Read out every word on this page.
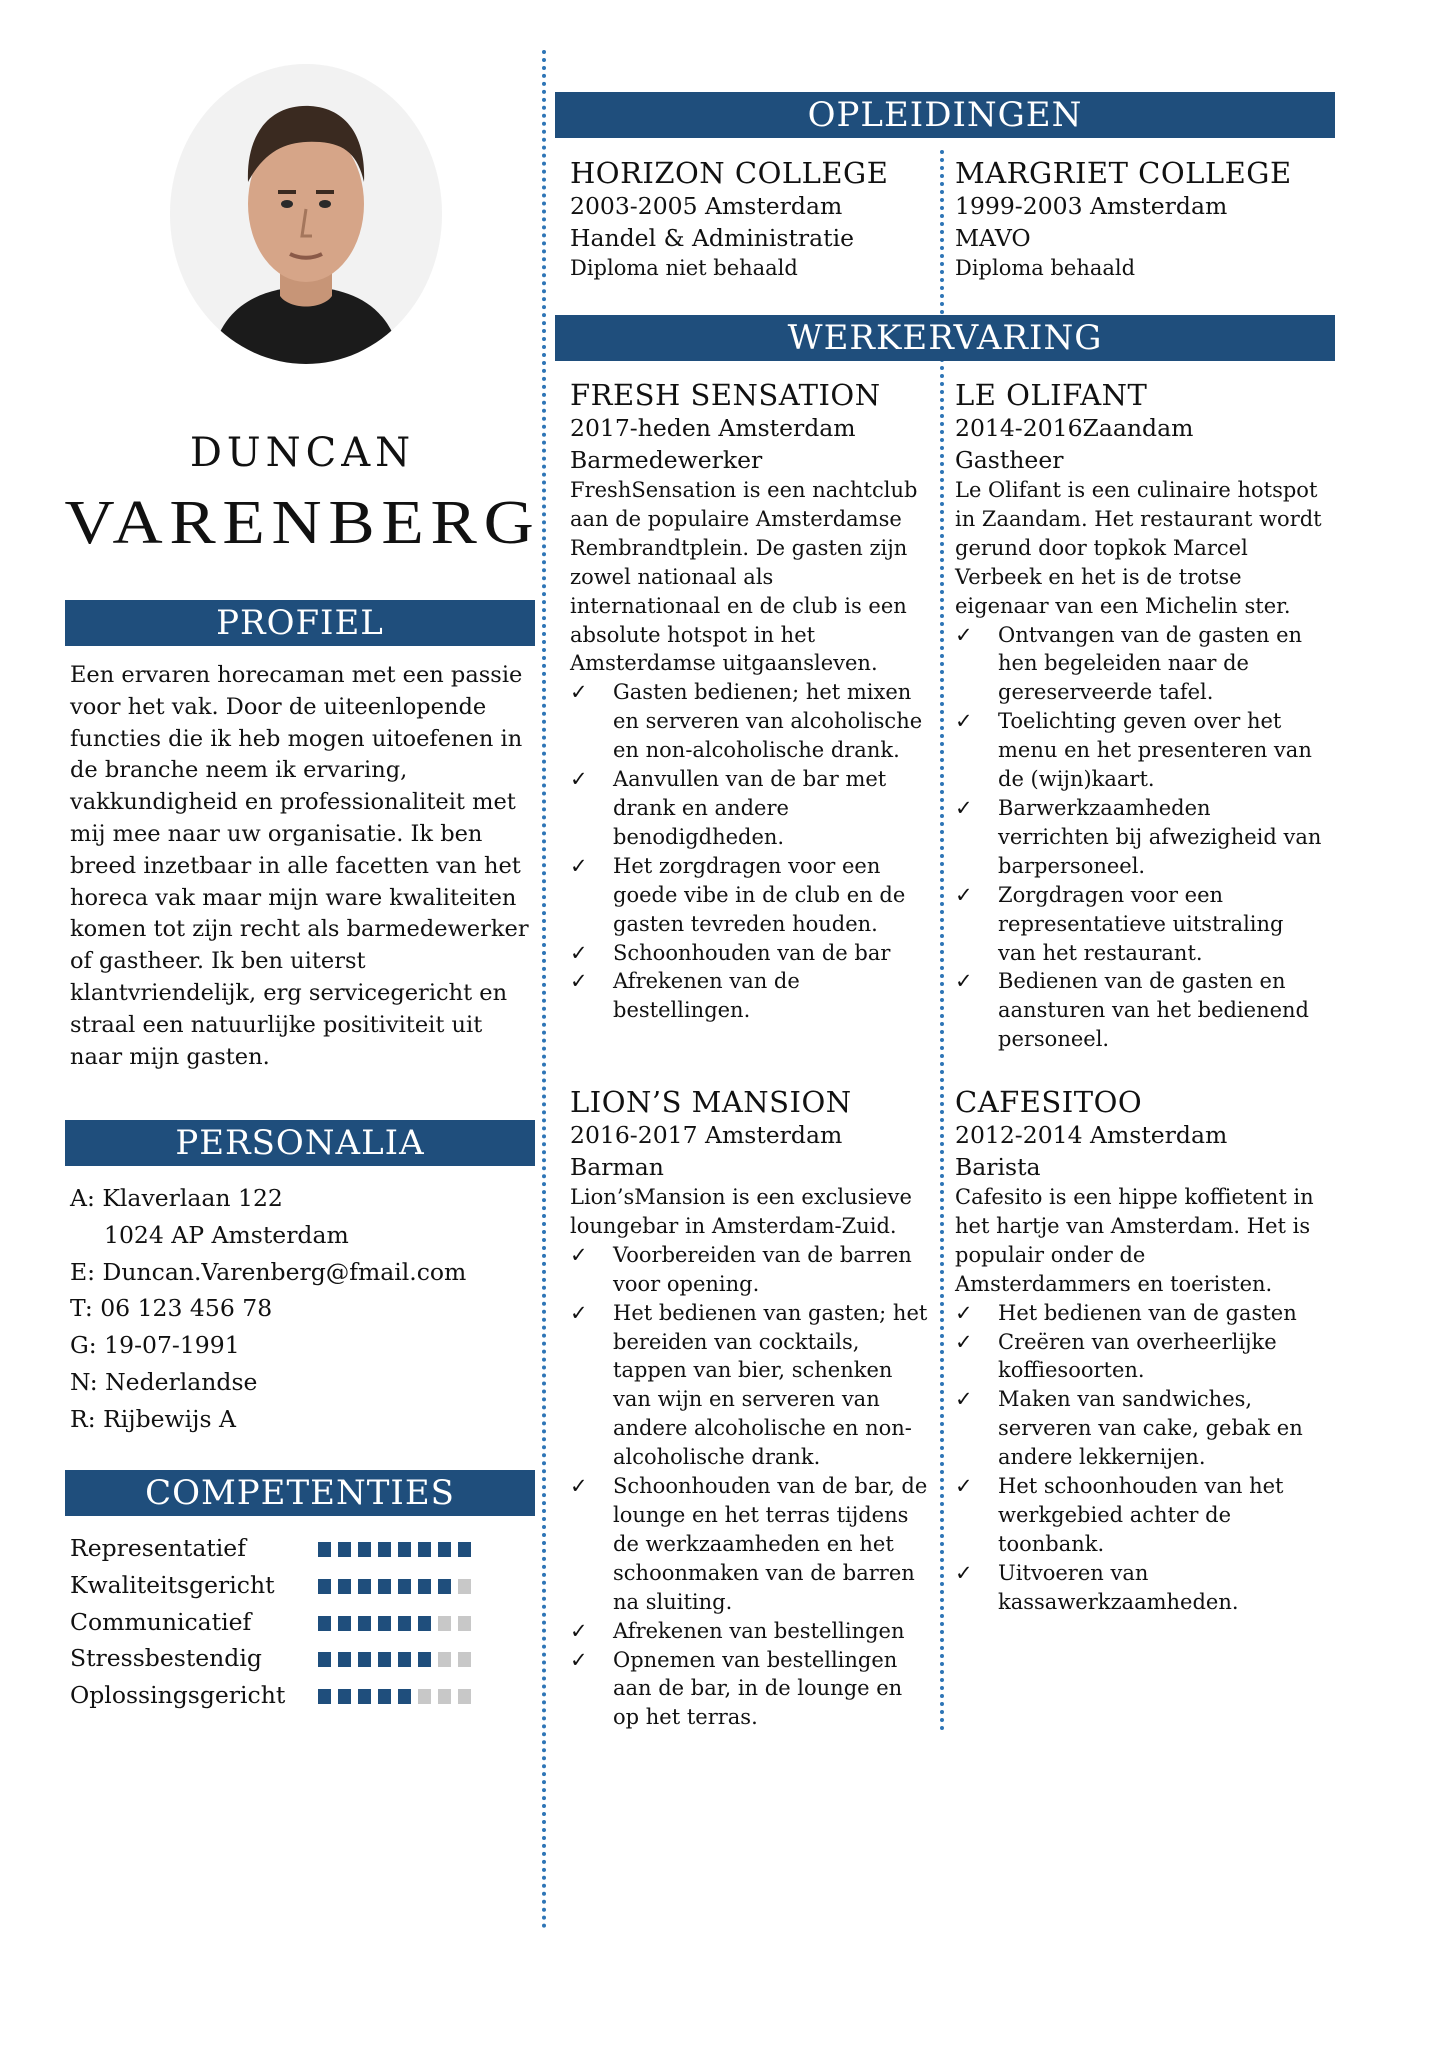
DUNCAN
VARENBERG
PROFIEL
Een ervaren horecaman met een passie voor het vak. Door de uiteenlopende functies die ik heb mogen uitoefenen in de branche neem ik ervaring, vakkundigheid en professionaliteit met mij mee naar uw organisatie. Ik ben breed inzetbaar in alle facetten van het horeca vak maar mijn ware kwaliteiten komen tot zijn recht als barmedewerker of gastheer. Ik ben uiterst klantvriendelijk, erg servicegericht en straal een natuurlijke positiviteit uit naar mijn gasten.
PERSONALIA
A: Klaverlaan 122
1024 AP Amsterdam
E: Duncan.Varenberg@fmail.com
T: 06 123 456 78
G: 19-07-1991
N: Nederlandse
R: Rijbewijs A
COMPETENTIES
Representatief
Kwaliteitsgericht
Communicatief
Stressbestendig
Oplossingsgericht
OPLEIDINGEN
HORIZON COLLEGE
2003-2005 Amsterdam
Handel & Administratie
Diploma niet behaald
MARGRIET COLLEGE
1999-2003 Amsterdam
MAVO
Diploma behaald
WERKERVARING
FRESH SENSATION
2017-heden Amsterdam
Barmedewerker
FreshSensation is een nachtclub aan de populaire Amsterdamse Rembrandtplein. De gasten zijn zowel nationaal als internationaal en de club is een absolute hotspot in het Amsterdamse uitgaansleven.
✓	Gasten bedienen; het mixen en serveren van alcoholische en non-alcoholische drank.
✓	Aanvullen van de bar met drank en andere benodigdheden.
✓	Het zorgdragen voor een goede vibe in de club en de gasten tevreden houden.
✓	Schoonhouden van de bar
✓	Afrekenen van de bestellingen.
LE OLIFANT
2014-2016Zaandam
Gastheer
Le Olifant is een culinaire hotspot in Zaandam. Het restaurant wordt gerund door topkok Marcel Verbeek en het is de trotse eigenaar van een Michelin ster.
✓	Ontvangen van de gasten en hen begeleiden naar de gereserveerde tafel.
✓	Toelichting geven over het menu en het presenteren van de (wijn)kaart.
✓	Barwerkzaamheden verrichten bij afwezigheid van barpersoneel.
✓	Zorgdragen voor een representatieve uitstraling van het restaurant.
✓	Bedienen van de gasten en aansturen van het bedienend personeel.
LION’S MANSION
2016-2017 Amsterdam
Barman
Lion’sMansion is een exclusieve loungebar in Amsterdam-Zuid.
✓	Voorbereiden van de barren voor opening.
✓	Het bedienen van gasten; het bereiden van cocktails, tappen van bier, schenken van wijn en serveren van andere alcoholische en non-alcoholische drank.
✓	Schoonhouden van de bar, de lounge en het terras tijdens de werkzaamheden en het schoonmaken van de barren na sluiting.
✓	Afrekenen van bestellingen
✓	Opnemen van bestellingen aan de bar, in de lounge en op het terras.
CAFESITOO
2012-2014 Amsterdam
Barista
Cafesito is een hippe koffietent in het hartje van Amsterdam. Het is populair onder de Amsterdammers en toeristen.
✓	Het bedienen van de gasten
✓	Creëren van overheerlijke koffiesoorten.
✓	Maken van sandwiches, serveren van cake, gebak en andere lekkernijen.
✓	Het schoonhouden van het werkgebied achter de toonbank.
✓	Uitvoeren van kassawerkzaamheden.
